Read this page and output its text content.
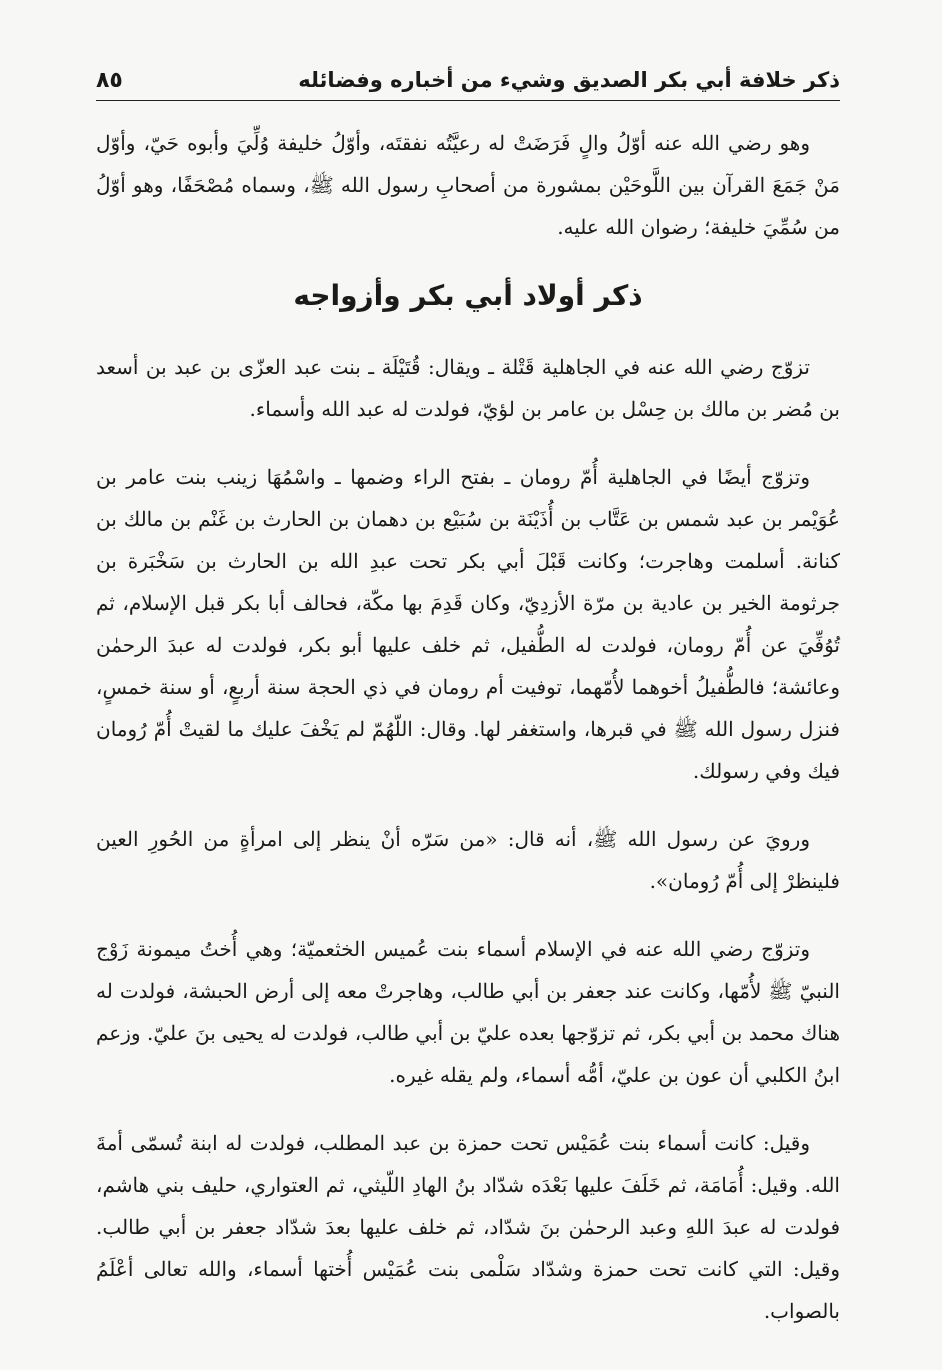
ذكر خلافة أبي بكر الصديق وشيء من أخباره وفضائله
٨٥

وهو رضي الله عنه أوّلُ والٍ فَرَضَتْ له رعيَّتُه نفقتَه، وأوّلُ خليفة وُلِّيَ وأبوه حَيّ، وأوّل مَنْ جَمَعَ القرآن بين اللَّوحَيْن بمشورة من أصحابِ رسول الله ﷺ، وسماه مُصْحَفًا، وهو أوّلُ من سُمِّيَ خليفة؛ رضوان الله عليه.

ذكر أولاد أبي بكر وأزواجه

تزوّج رضي الله عنه في الجاهلية قَتْلة ـ ويقال: قُتَيْلَة ـ بنت عبد العزّى بن عبد بن أسعد بن مُضر بن مالك بن حِسْل بن عامر بن لؤيّ، فولدت له عبد الله وأسماء.

وتزوّج أيضًا في الجاهلية أُمّ رومان ـ بفتح الراء وضمها ـ واسْمُهَا زينب بنت عامر بن عُوَيْمر بن عبد شمس بن عَتَّاب بن أُذَيْنَة بن سُبَيْع بن دهمان بن الحارث بن غَنْم بن مالك بن كنانة. أسلمت وهاجرت؛ وكانت قَبْلَ أبي بكر تحت عبدِ الله بن الحارث بن سَخْبَرة بن جرثومة الخير بن عادية بن مرّة الأزدِيّ، وكان قَدِمَ بها مكّة، فحالف أبا بكر قبل الإسلام، ثم تُوُفِّيَ عن أُمّ رومان، فولدت له الطُّفيل، ثم خلف عليها أبو بكر، فولدت له عبدَ الرحمٰن وعائشة؛ فالطُّفيلُ أخوهما لأُمّهما، توفيت أم رومان في ذي الحجة سنة أربعٍ، أو سنة خمسٍ، فنزل رسول الله ﷺ في قبرها، واستغفر لها. وقال: اللّهُمّ لم يَخْفَ عليك ما لقيتْ أُمّ رُومان فيك وفي رسولك.

ورويَ عن رسول الله ﷺ، أنه قال: «من سَرّه أنْ ينظر إلى امرأةٍ من الحُورِ العين فلينظرْ إلى أُمّ رُومان».

وتزوّج رضي الله عنه في الإسلام أسماء بنت عُميس الخثعميّة؛ وهي أُختُ ميمونة زَوْج النبيّ ﷺ لأُمّها، وكانت عند جعفر بن أبي طالب، وهاجرتْ معه إلى أرض الحبشة، فولدت له هناك محمد بن أبي بكر، ثم تزوّجها بعده عليّ بن أبي طالب، فولدت له يحيى بنَ عليّ. وزعم ابنُ الكلبي أن عون بن عليّ، أمُّه أسماء، ولم يقله غيره.

وقيل: كانت أسماء بنت عُمَيْس تحت حمزة بن عبد المطلب، فولدت له ابنة تُسمّى أمةَ الله. وقيل: أُمَامَة، ثم خَلَفَ عليها بَعْدَه شدّاد بنُ الهادِ اللّيثي، ثم العتواري، حليف بني هاشم، فولدت له عبدَ اللهِ وعبد الرحمٰن بنَ شدّاد، ثم خلف عليها بعدَ شدّاد جعفر بن أبي طالب. وقيل: التي كانت تحت حمزة وشدّاد سَلْمى بنت عُمَيْس أُختها أسماء، والله تعالى أعْلَمُ بالصواب.
